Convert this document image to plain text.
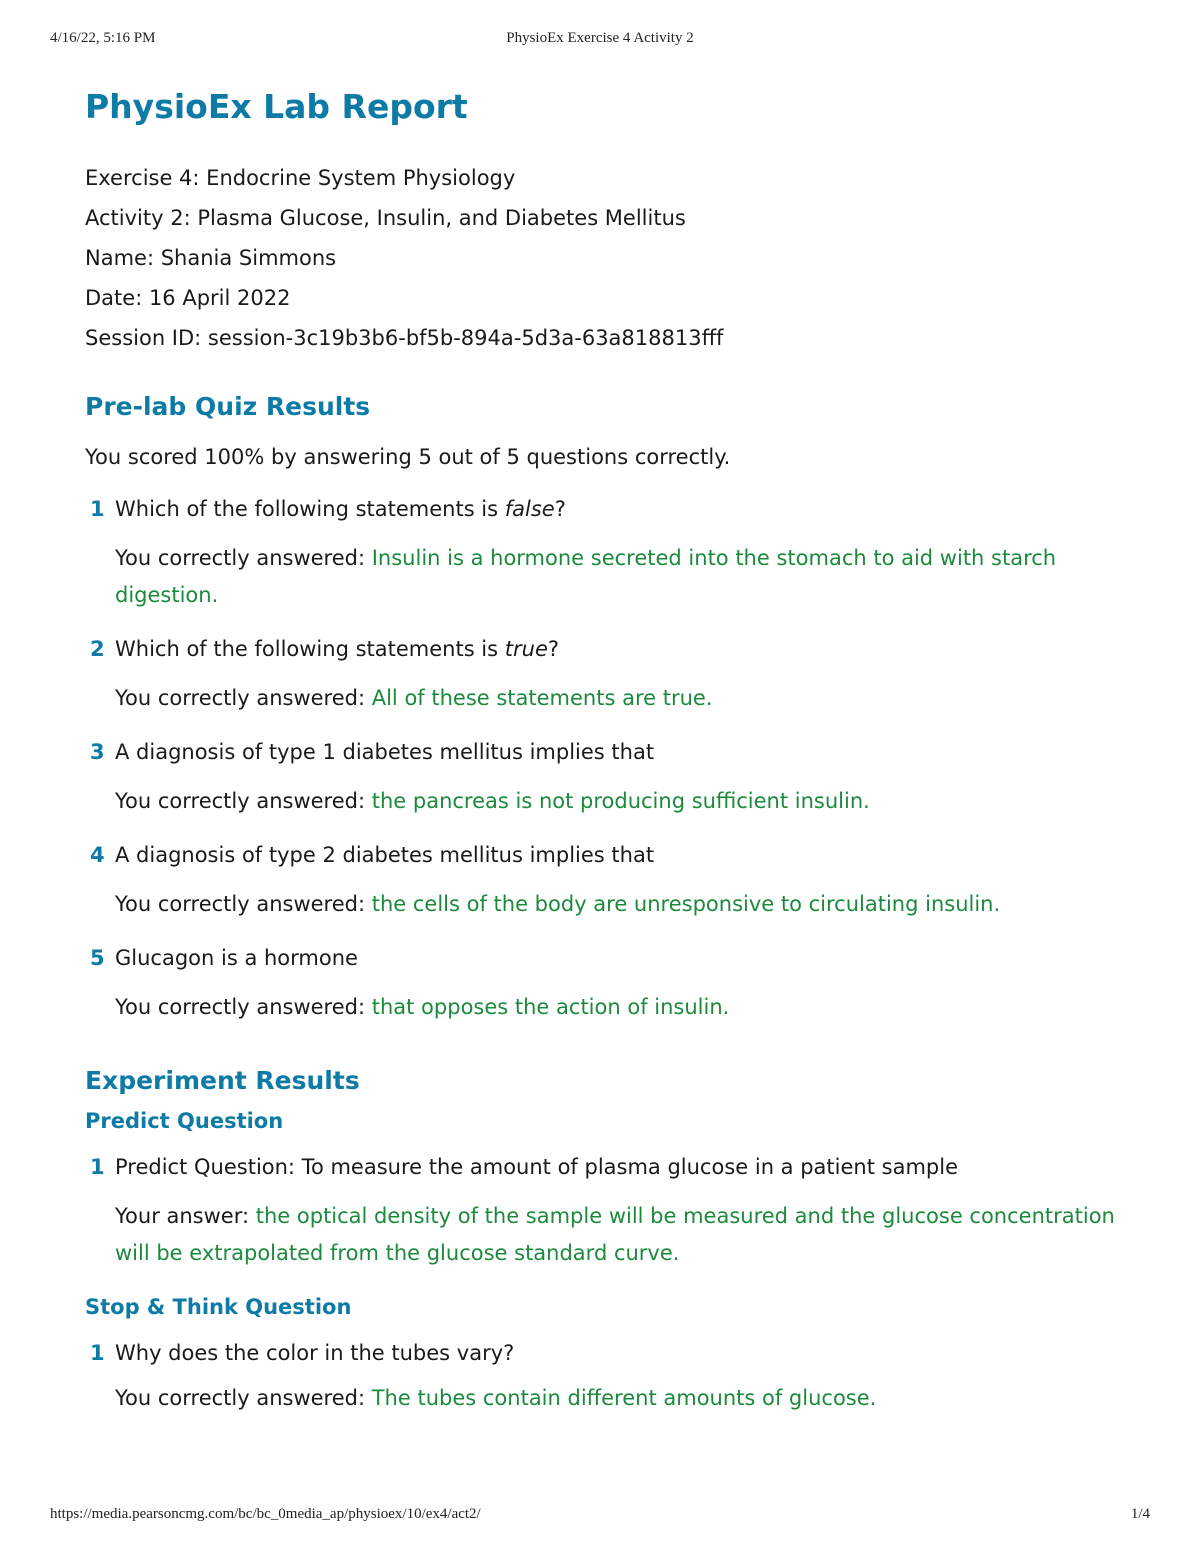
4/16/22, 5:16 PM	PhysioEx Exercise 4 Activity 2
PhysioEx Lab Report
Exercise 4: Endocrine System Physiology
Activity 2: Plasma Glucose, Insulin, and Diabetes Mellitus
Name: Shania Simmons
Date: 16 April 2022
Session ID: session-3c19b3b6-bf5b-894a-5d3a-63a818813fff
Pre-lab Quiz Results
You scored 100% by answering 5 out of 5 questions correctly.
1 Which of the following statements is false?
You correctly answered: Insulin is a hormone secreted into the stomach to aid with starch digestion.
2 Which of the following statements is true?
You correctly answered: All of these statements are true.
3 A diagnosis of type 1 diabetes mellitus implies that
You correctly answered: the pancreas is not producing sufficient insulin.
4 A diagnosis of type 2 diabetes mellitus implies that
You correctly answered: the cells of the body are unresponsive to circulating insulin.
5 Glucagon is a hormone
You correctly answered: that opposes the action of insulin.
Experiment Results
Predict Question
1 Predict Question: To measure the amount of plasma glucose in a patient sample
Your answer: the optical density of the sample will be measured and the glucose concentration will be extrapolated from the glucose standard curve.
Stop & Think Question
1 Why does the color in the tubes vary?
You correctly answered: The tubes contain different amounts of glucose.
https://media.pearsoncmg.com/bc/bc_0media_ap/physioex/10/ex4/act2/	1/4
